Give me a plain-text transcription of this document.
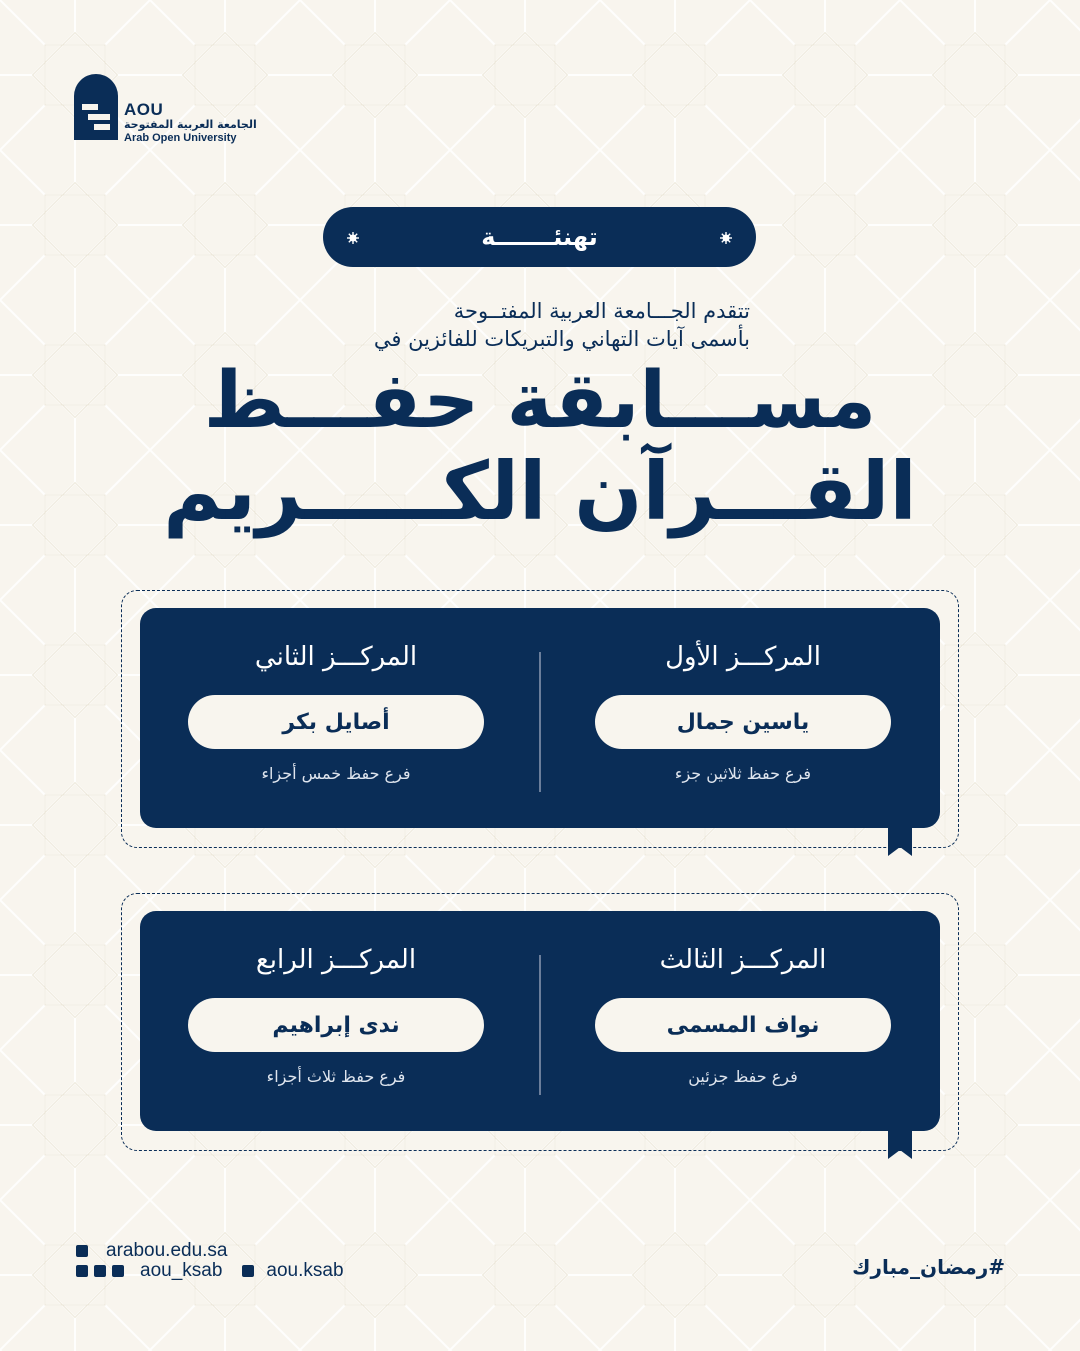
AOU
الجامعة العربية المفتوحة
Arab Open University
تهنئـــــــة
تتقدم الجـــامعة العربية المفتــوحة
بأسمى آيات التهاني والتبريكات للفائزين في
مســـابقة حفـــظ
القـــرآن الكـــــريم
المركـــز الأول
ياسين جمال
فرع حفظ ثلاثين جزء
المركـــز الثاني
أصايل بكر
فرع حفظ خمس أجزاء
المركـــز الثالث
نواف المسمى
فرع حفظ جزئين
المركـــز الرابع
ندى إبراهيم
فرع حفظ ثلاث أجزاء
arabou.edu.sa
aou_ksab aou.ksab	#رمضان_مبارك
